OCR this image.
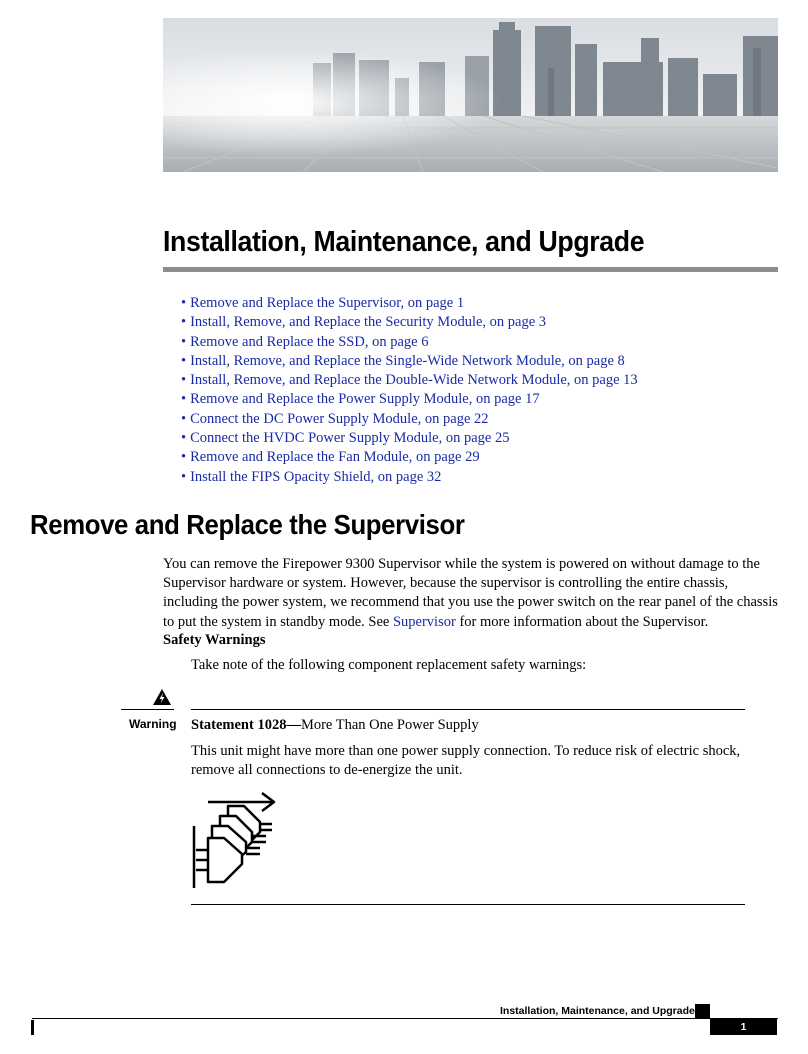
Installation, Maintenance, and Upgrade
• Remove and Replace the Supervisor, on page 1
• Install, Remove, and Replace the Security Module, on page 3
• Remove and Replace the SSD, on page 6
• Install, Remove, and Replace the Single-Wide Network Module, on page 8
• Install, Remove, and Replace the Double-Wide Network Module, on page 13
• Remove and Replace the Power Supply Module, on page 17
• Connect the DC Power Supply Module, on page 22
• Connect the HVDC Power Supply Module, on page 25
• Remove and Replace the Fan Module, on page 29
• Install the FIPS Opacity Shield, on page 32
Remove and Replace the Supervisor

You can remove the Firepower 9300 Supervisor while the system is powered on without damage to the Supervisor hardware or system. However, because the supervisor is controlling the entire chassis, including the power system, we recommend that you use the power switch on the rear panel of the chassis to put the system in standby mode. See Supervisor for more information about the Supervisor.

Safety Warnings

Take note of the following component replacement safety warnings:

Warning Statement 1028—More Than One Power Supply

This unit might have more than one power supply connection. To reduce risk of electric shock, remove all connections to de-energize the unit.

Installation, Maintenance, and Upgrade
1
